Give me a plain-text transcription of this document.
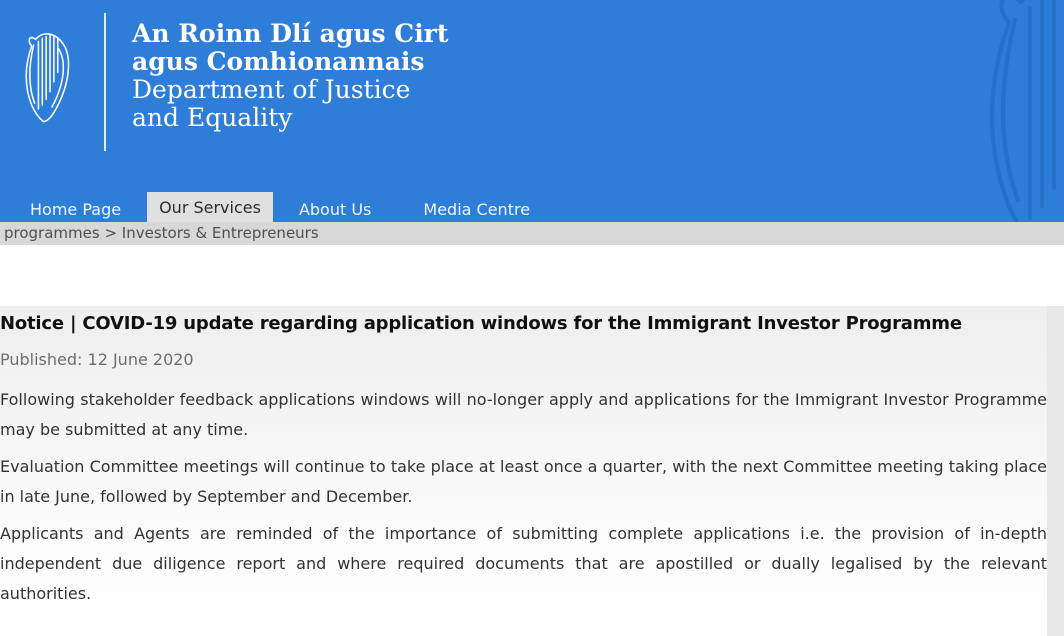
An Roinn Dlí agus Cirt
agus Comhionannais
Department of Justice
and Equality
Home Page	Our Services	About Us	Media Centre
programmes > Investors & Entrepreneurs
Notice | COVID-19 update regarding application windows for the Immigrant Investor Programme
Published: 12 June 2020

Following stakeholder feedback applications windows will no-longer apply and applications for the Immigrant Investor Programme may be submitted at any time.

Evaluation Committee meetings will continue to take place at least once a quarter, with the next Committee meeting taking place in late June, followed by September and December.

Applicants and Agents are reminded of the importance of submitting complete applications i.e. the provision of in-depth independent due diligence report and where required documents that are apostilled or dually legalised by the relevant authorities.
